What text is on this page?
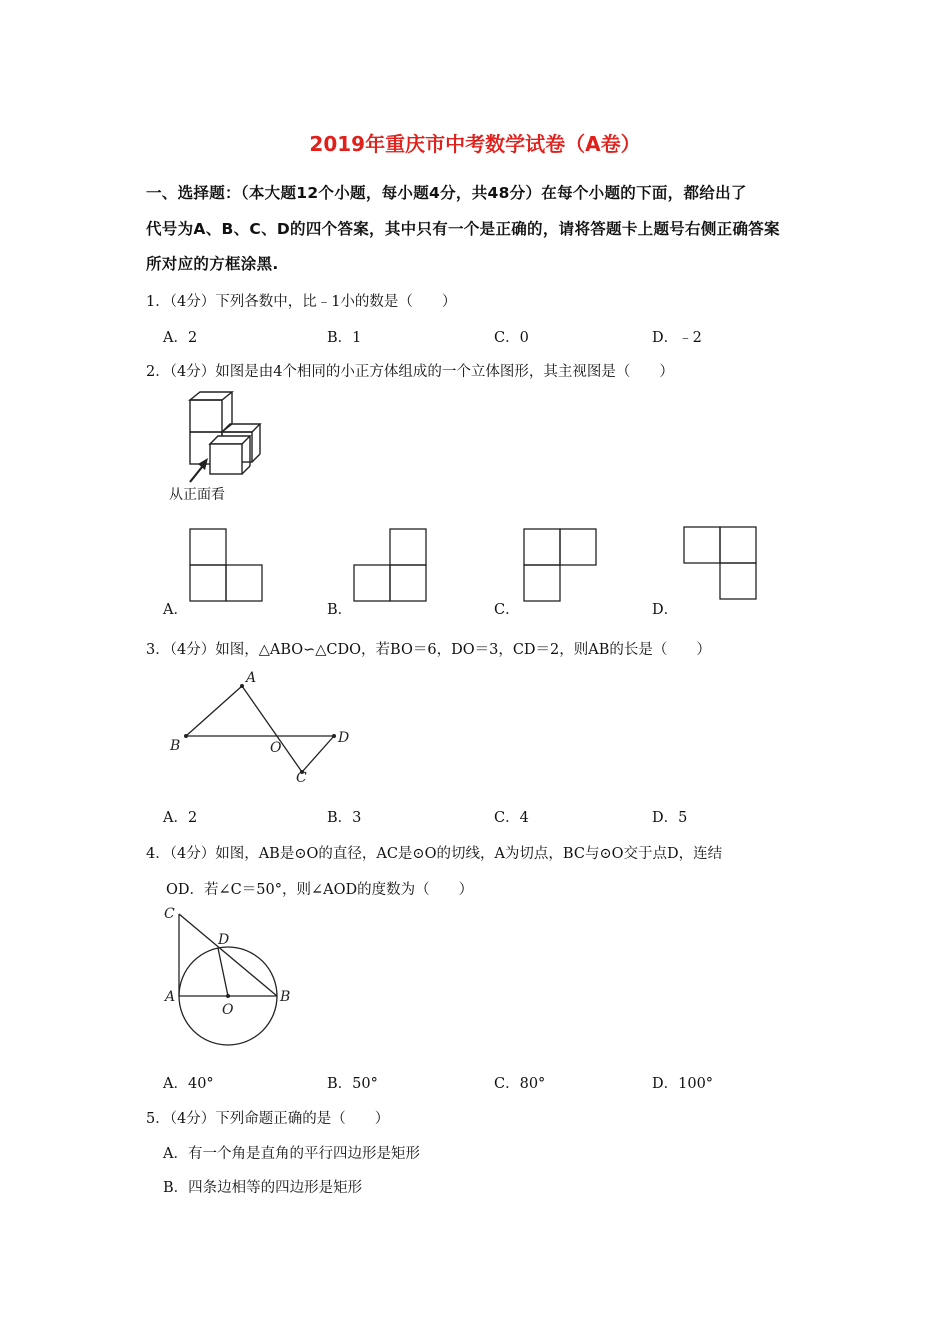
2019年重庆市中考数学试卷（A卷）
一、选择题：（本大题12个小题，每小题4分，共48分）在每个小题的下面，都给出了
代号为A、B、C、D的四个答案，其中只有一个是正确的，请将答题卡上题号右侧正确答案
所对应的方框涂黑.
1．（4分）下列各数中，比﹣1小的数是（　　）
A．2	B．1	C．0	D．﹣2
2．（4分）如图是由4个相同的小正方体组成的一个立体图形，其主视图是（　　）
从正面看
A．	B．	C．	D．
3．（4分）如图，△ABO∽△CDO，若BO＝6，DO＝3，CD＝2，则AB的长是（　　）
A
B	O
D
C
A．2	B．3	C．4	D．5
4．（4分）如图，AB是⊙O的直径，AC是⊙O的切线，A为切点，BC与⊙O交于点D，连结
OD．若∠C＝50°，则∠AOD的度数为（　　）
C
D
A
O
B
A．40°	B．50°	C．80°	D．100°
5．（4分）下列命题正确的是（　　）
A．有一个角是直角的平行四边形是矩形
B．四条边相等的四边形是矩形
